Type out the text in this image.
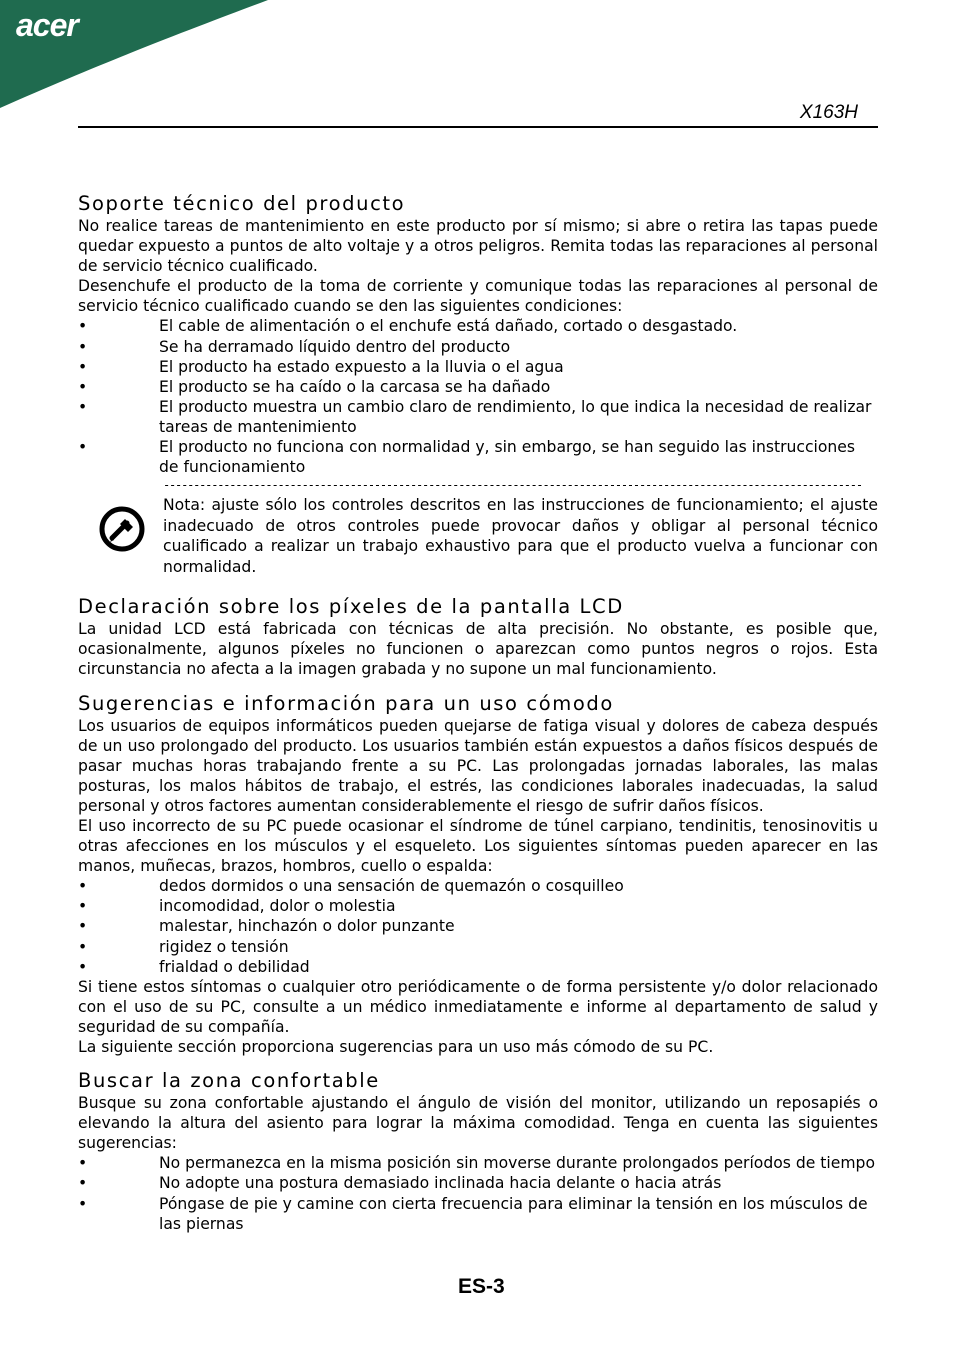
acer
X163H
Soporte técnico del producto

No realice tareas de mantenimiento en este producto por sí mismo; si abre o retira las tapas puede quedar expuesto a puntos de alto voltaje y a otros peligros. Remita todas las reparaciones al personal de servicio técnico cualificado.

Desenchufe el producto de la toma de corriente y comunique todas las reparaciones al personal de servicio técnico cualificado cuando se den las siguientes condiciones:

•	El cable de alimentación o el enchufe está dañado, cortado o desgastado.
•	Se ha derramado líquido dentro del producto
•	El producto ha estado expuesto a la lluvia o el agua
•	El producto se ha caído o la carcasa se ha dañado
•	El producto muestra un cambio claro de rendimiento, lo que indica la necesidad de realizar tareas de mantenimiento
•	El producto no funciona con normalidad y, sin embargo, se han seguido las instrucciones de funcionamiento
--------------------------------------------------------------------------------------------------------------------

Nota: ajuste sólo los controles descritos en las instrucciones de funcionamiento; el ajuste inadecuado de otros controles puede provocar daños y obligar al personal técnico cualificado a realizar un trabajo exhaustivo para que el producto vuelva a funcionar con normalidad.

Declaración sobre los píxeles de la pantalla LCD

La unidad LCD está fabricada con técnicas de alta precisión. No obstante, es posible que, ocasionalmente, algunos píxeles no funcionen o aparezcan como puntos negros o rojos. Esta circunstancia no afecta a la imagen grabada y no supone un mal funcionamiento.

Sugerencias e información para un uso cómodo

Los usuarios de equipos informáticos pueden quejarse de fatiga visual y dolores de cabeza después de un uso prolongado del producto. Los usuarios también están expuestos a daños físicos después de pasar muchas horas trabajando frente a su PC. Las prolongadas jornadas laborales, las malas posturas, los malos hábitos de trabajo, el estrés, las condiciones laborales inadecuadas, la salud personal y otros factores aumentan considerablemente el riesgo de sufrir daños físicos.

El uso incorrecto de su PC puede ocasionar el síndrome de túnel carpiano, tendinitis, tenosinovitis u otras afecciones en los músculos y el esqueleto. Los siguientes síntomas pueden aparecer en las manos, muñecas, brazos, hombros, cuello o espalda:

•	dedos dormidos o una sensación de quemazón o cosquilleo
•	incomodidad, dolor o molestia
•	malestar, hinchazón o dolor punzante
•	rigidez o tensión
•	frialdad o debilidad

Si tiene estos síntomas o cualquier otro periódicamente o de forma persistente y/o dolor relacionado con el uso de su PC, consulte a un médico inmediatamente e informe al departamento de salud y seguridad de su compañía.

La siguiente sección proporciona sugerencias para un uso más cómodo de su PC.

Buscar la zona confortable

Busque su zona confortable ajustando el ángulo de visión del monitor, utilizando un reposapiés o elevando la altura del asiento para lograr la máxima comodidad. Tenga en cuenta las siguientes sugerencias:

•	No permanezca en la misma posición sin moverse durante prolongados períodos de tiempo
•	No adopte una postura demasiado inclinada hacia delante o hacia atrás
•	Póngase de pie y camine con cierta frecuencia para eliminar la tensión en los músculos de las piernas
ES-3
